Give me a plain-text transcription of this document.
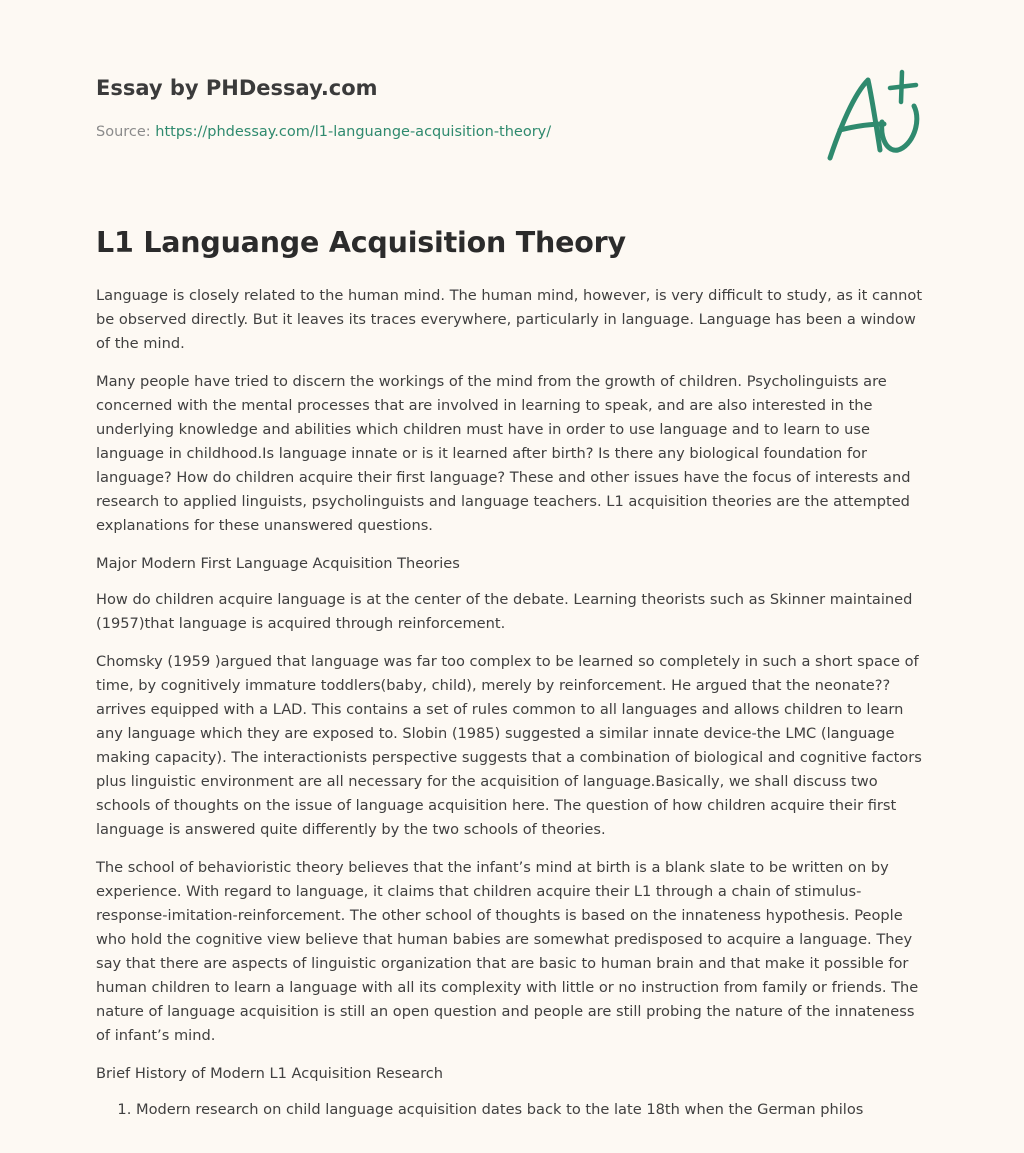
Essay by PHDessay.com
Source: https://phdessay.com/l1-languange-acquisition-theory/
L1 Languange Acquisition Theory

Language is closely related to the human mind. The human mind, however, is very difficult to study, as it cannot be observed directly. But it leaves its traces everywhere, particularly in language. Language has been a window of the mind.

Many people have tried to discern the workings of the mind from the growth of children. Psycholinguists are concerned with the mental processes that are involved in learning to speak, and are also interested in the underlying knowledge and abilities which children must have in order to use language and to learn to use language in childhood.Is language innate or is it learned after birth? Is there any biological foundation for language? How do children acquire their first language? These and other issues have the focus of interests and research to applied linguists, psycholinguists and language teachers. L1 acquisition theories are the attempted explanations for these unanswered questions.

Major Modern First Language Acquisition Theories

How do children acquire language is at the center of the debate. Learning theorists such as Skinner maintained (1957)that language is acquired through reinforcement.

Chomsky (1959 )argued that language was far too complex to be learned so completely in such a short space of time, by cognitively immature toddlers(baby, child), merely by reinforcement. He argued that the neonate?? arrives equipped with a LAD. This contains a set of rules common to all languages and allows children to learn any language which they are exposed to. Slobin (1985) suggested a similar innate device-the LMC (language making capacity). The interactionists perspective suggests that a combination of biological and cognitive factors plus linguistic environment are all necessary for the acquisition of language.Basically, we shall discuss two schools of thoughts on the issue of language acquisition here. The question of how children acquire their first language is answered quite differently by the two schools of theories.

The school of behavioristic theory believes that the infant’s mind at birth is a blank slate to be written on by experience. With regard to language, it claims that children acquire their L1 through a chain of stimulus-response-imitation-reinforcement. The other school of thoughts is based on the innateness hypothesis. People who hold the cognitive view believe that human babies are somewhat predisposed to acquire a language. They say that there are aspects of linguistic organization that are basic to human brain and that make it possible for human children to learn a language with all its complexity with little or no instruction from family or friends. The nature of language acquisition is still an open question and people are still probing the nature of the innateness of infant’s mind.

Brief History of Modern L1 Acquisition Research

1. Modern research on child language acquisition dates back to the late 18th when the German philos
